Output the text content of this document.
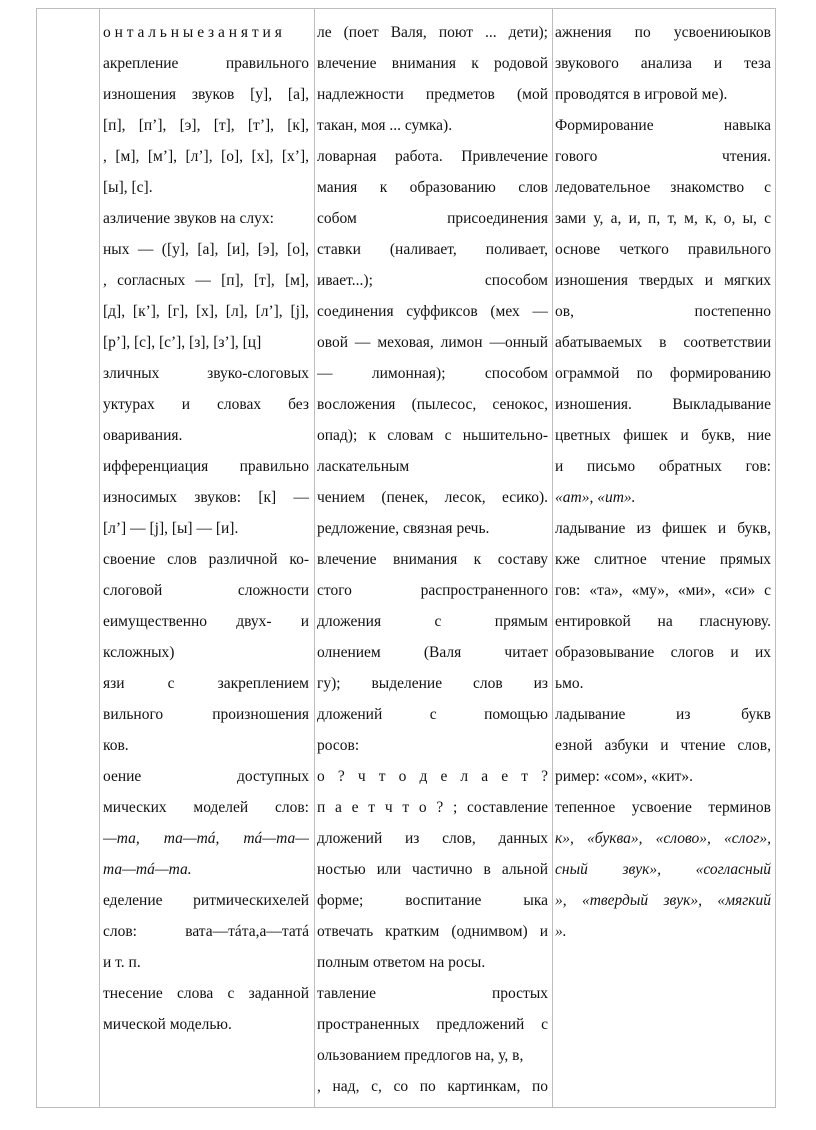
о н т а л ь н ы е з а н я т и я
акрепление правильного
изношения звуков [у], [а],
[п], [п’], [э], [т], [т’], [к],
, [м], [м’], [л’], [о], [х], [х’],
[ы], [с].
азличение звуков на слух:
ных — ([у], [а], [и], [э], [о],
, согласных — [п], [т], [м],
[д], [к’], [г], [х], [л], [л’], [j],
[р’], [с], [с’], [з], [з’], [ц]
зличных звуко-слоговых
уктурах и словах без
оваривания.
ифференциация правильно
износимых звуков: [к] —
[л’] — [j], [ы] — [и].
своение слов различной ко-
слоговой сложности
еимущественно двух- и
ксложных)
язи с закреплением
вильного произношения
ков.
оение доступных
мических моделей слов:
—та, та—тá, тá—та—
та—тá—та.
еделение ритмическихелей
слов: вата—тáта,а—татá
и т. п.
тнесение слова с заданной
мической моделью.
ле (поет Валя, поют ... дети);
влечение внимания к родовой
надлежности предметов (мой
такан, моя ... сумка).
ловарная работа. Привлечение
мания к образованию слов
собом присоединения
ставки (наливает, поливает,
ивает...); способом
соединения суффиксов (мех —
овой — меховая, лимон —онный
— лимонная); способом
восложения (пылесос, сенокос,
опад); к словам с ньшительно-
ласкательным
чением (пенек, лесок, есико).
редложение, связная речь.
влечение внимания к составу
стого распространенного
дложения с прямым
олнением (Валя читает
гу); выделение слов из
дложений с помощью
росов:
о ? ч т о д е л а е т ?
п а е т ч т о ? ; составление
дложений из слов, данных
ностью или частично в альной
форме; воспитание ыка
отвечать кратким (однимвом) и
полным ответом на росы.
тавление простых
пространенных предложений с
ользованием предлогов на, у, в,
, над, с, со по картинкам, по
ажнения по усвоениюыков
звукового анализа и теза
проводятся в игровой ме).
Формирование навыка
гового чтения.
ледовательное знакомство с
зами у, а, и, п, т, м, к, о, ы, с
основе четкого правильного
изношения твердых и мягких
ов, постепенно
абатываемых в соответствии
ограммой по формированию
изношения. Выкладывание
цветных фишек и букв, ние
и письмо обратных гов:
«ат», «ит».
ладывание из фишек и букв,
кже слитное чтение прямых
гов: «та», «му», «ми», «си» с
ентировкой на гласнуюву.
образовывание слогов и их
ьмо.
ладывание из букв
езной азбуки и чтение слов,
ример: «сом», «кит».
тепенное усвоение терминов
к», «буква», «слово», «слог»,
сный звук», «согласный
», «твердый звук», «мягкий
».
